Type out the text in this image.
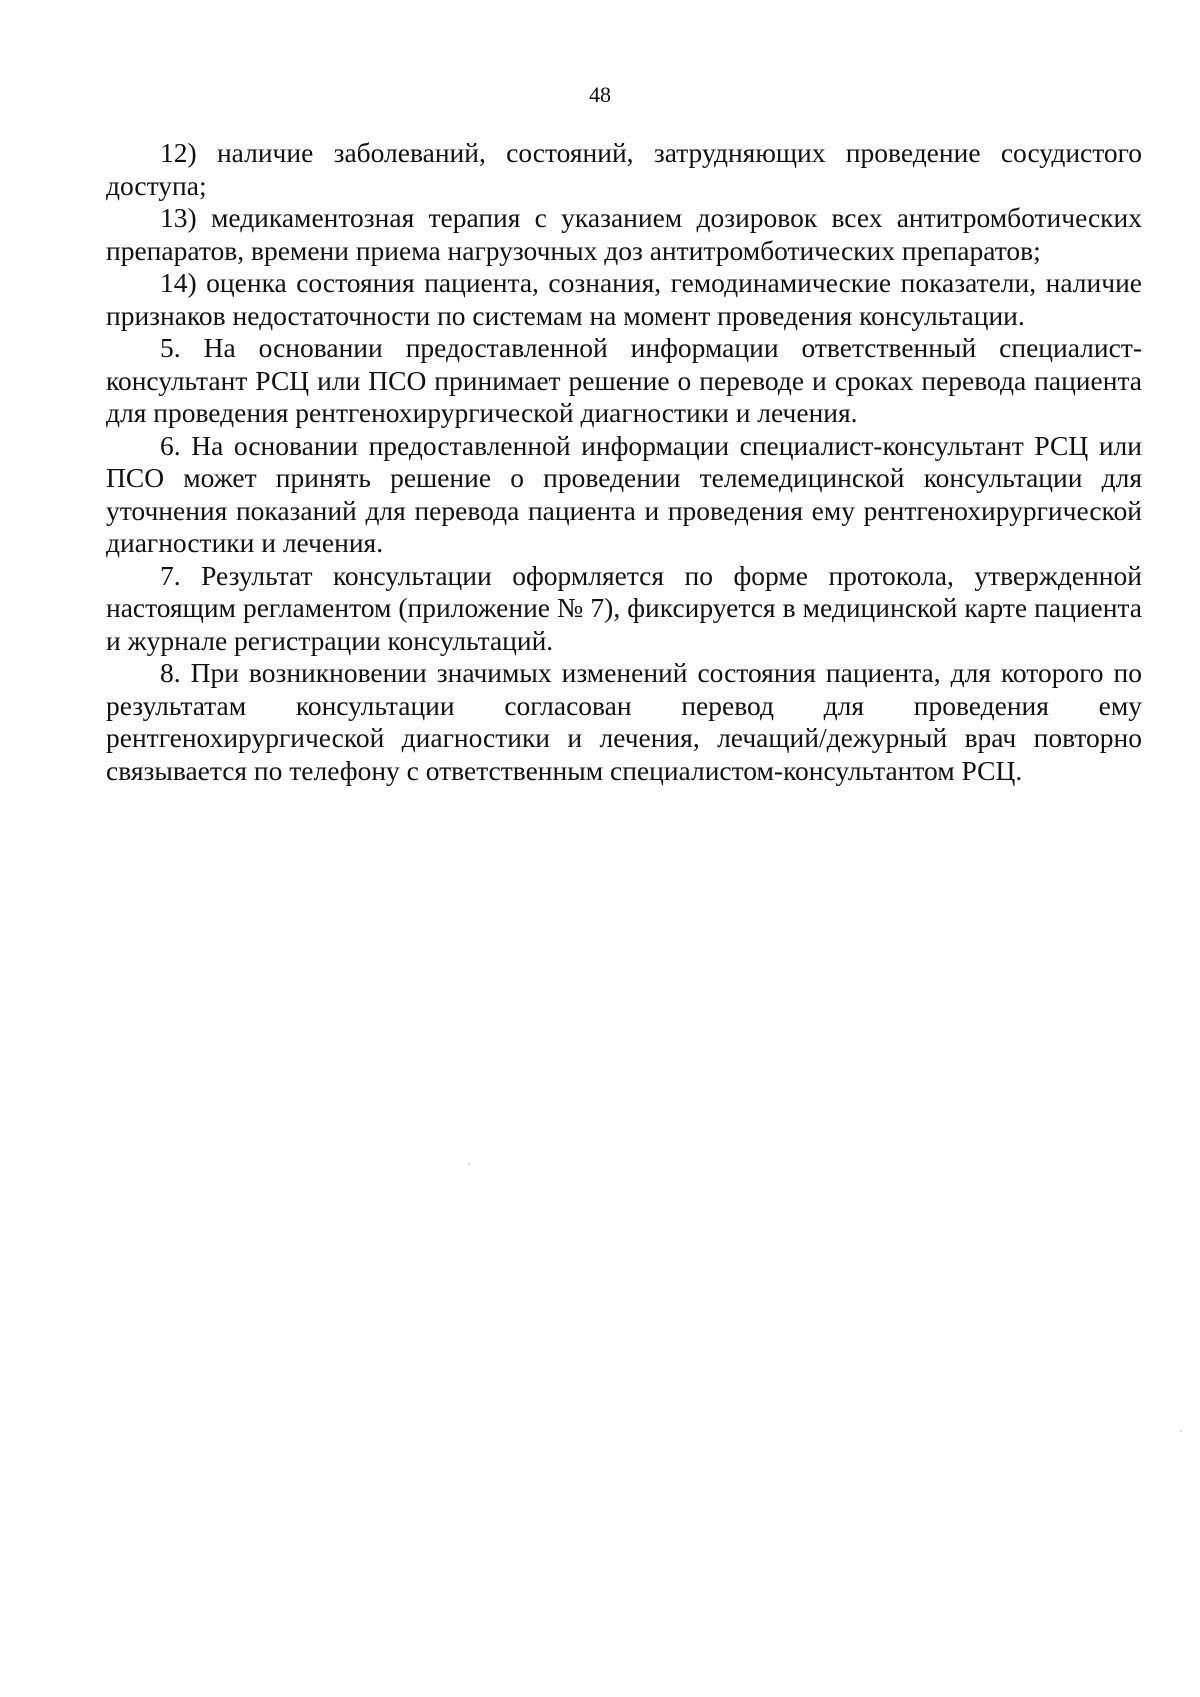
48

12) наличие заболеваний, состояний, затрудняющих проведение сосудистого доступа;

13) медикаментозная терапия с указанием дозировок всех антитромботических препаратов, времени приема нагрузочных доз антитромботических препаратов;

14) оценка состояния пациента, сознания, гемодинамические показатели, наличие признаков недостаточности по системам на момент проведения консультации.

5. На основании предоставленной информации ответственный специалист-консультант РСЦ или ПСО принимает решение о переводе и сроках перевода пациента для проведения рентгенохирургической диагностики и лечения.

6. На основании предоставленной информации специалист-консультант РСЦ или ПСО может принять решение о проведении телемедицинской консультации для уточнения показаний для перевода пациента и проведения ему рентгенохирургической диагностики и лечения.

7. Результат консультации оформляется по форме протокола, утвержденной настоящим регламентом (приложение № 7), фиксируется в медицинской карте пациента и журнале регистрации консультаций.

8. При возникновении значимых изменений состояния пациента, для которого по результатам консультации согласован перевод для проведения ему рентгенохирургической диагностики и лечения, лечащий/дежурный врач повторно связывается по телефону с ответственным специалистом-консультантом РСЦ.
